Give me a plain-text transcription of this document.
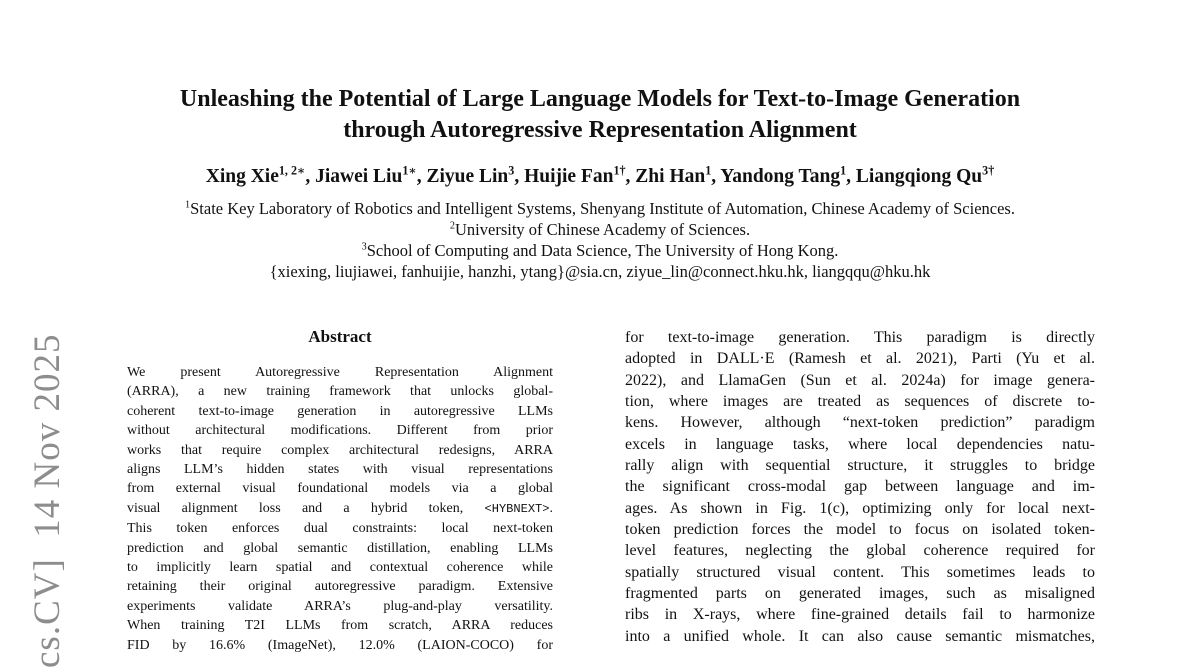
cs.CV]  14 Nov 2025
Unleashing the Potential of Large Language Models for Text-to-Image Generation
through Autoregressive Representation Alignment
Xing Xie$^{1, 2∗}$, Jiawei Liu$^{1∗}$, Ziyue Lin$^3$, Huijie Fan$^{1\dagger}$, Zhi Han$^1$, Yandong Tang$^1$, Liangqiong $Qu^{3\dagger}$
$^1$State Key Laboratory of Robotics and Intelligent Systems, Shenyang Institute of Automation, Chinese Academy of Sciences.
$^2$University of Chinese Academy of Sciences.
$^3$School of Computing and Data Science, The University of Hong Kong.
{xiexing, liujiawei, fanhuijie, hanzhi, ytang}@sia.cn, ziyue_lin@connect.hku.hk, liangqqu@hku.hk
Abstract
We present Autoregressive Representation Alignment
(ARRA), a new training framework that unlocks global-
coherent text-to-image generation in autoregressive LLMs
without architectural modifications. Different from prior
works that require complex architectural redesigns, ARRA
aligns LLM’s hidden states with visual representations
from external visual foundational models via a global
visual alignment loss and a hybrid token, <HYBNEXT>.
This token enforces dual constraints: local next-token
prediction and global semantic distillation, enabling LLMs
to implicitly learn spatial and contextual coherence while
retaining their original autoregressive paradigm. Extensive
experiments validate ARRA’s plug-and-play versatility.
When training T2I LLMs from scratch, ARRA reduces
FID by 16.6% (ImageNet), 12.0% (LAION-COCO) for
for text-to-image generation. This paradigm is directly
adopted in DALL·E (Ramesh et al. 2021), Parti (Yu et al.
2022), and LlamaGen (Sun et al. 2024a) for image genera-
tion, where images are treated as sequences of discrete to-
kens. However, although “next-token prediction” paradigm
excels in language tasks, where local dependencies natu-
rally align with sequential structure, it struggles to bridge
the significant cross-modal gap between language and im-
ages. As shown in Fig. 1(c), optimizing only for local next-
token prediction forces the model to focus on isolated token-
level features, neglecting the global coherence required for
spatially structured visual content. This sometimes leads to
fragmented parts on generated images, such as misaligned
ribs in X-rays, where fine-grained details fail to harmonize
into a unified whole. It can also cause semantic mismatches,
